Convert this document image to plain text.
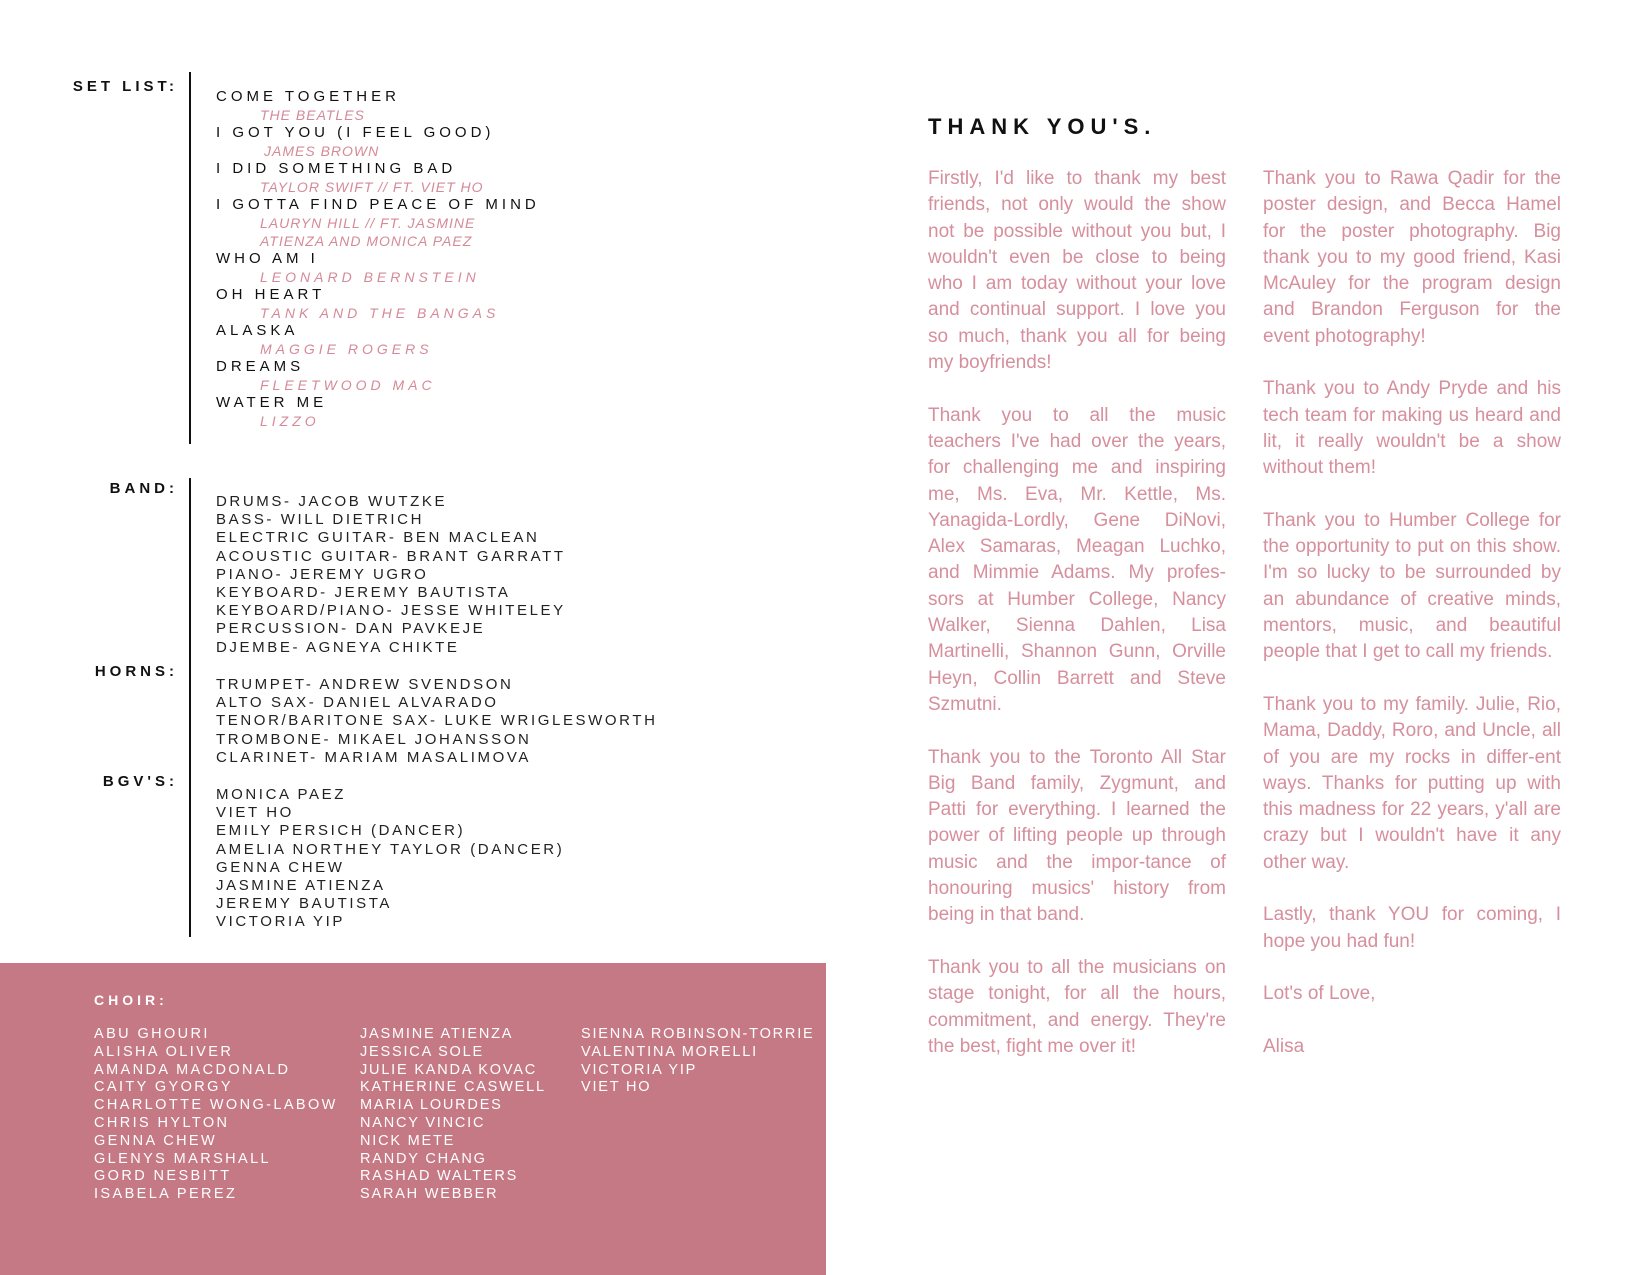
SET LIST:
BAND:
HORNS:
BGV'S:
COME TOGETHER
THE BEATLES
I GOT YOU (I FEEL GOOD)
JAMES BROWN
I DID SOMETHING BAD
TAYLOR SWIFT // FT. VIET HO
I GOTTA FIND PEACE OF MIND
LAURYN HILL // FT. JASMINE
ATIENZA AND MONICA PAEZ
WHO AM I
LEONARD BERNSTEIN
OH HEART
TANK AND THE BANGAS
ALASKA
MAGGIE ROGERS
DREAMS
FLEETWOOD MAC
WATER ME
LIZZO
DRUMS- JACOB WUTZKE
BASS- WILL DIETRICH
ELECTRIC GUITAR- BEN MACLEAN
ACOUSTIC GUITAR- BRANT GARRATT
PIANO- JEREMY UGRO
KEYBOARD- JEREMY BAUTISTA
KEYBOARD/PIANO- JESSE WHITELEY
PERCUSSION- DAN PAVKEJE
DJEMBE- AGNEYA CHIKTE
TRUMPET- ANDREW SVENDSON
ALTO SAX- DANIEL ALVARADO
TENOR/BARITONE SAX- LUKE WRIGLESWORTH
TROMBONE- MIKAEL JOHANSSON
CLARINET- MARIAM MASALIMOVA
MONICA PAEZ
VIET HO
EMILY PERSICH (DANCER)
AMELIA NORTHEY TAYLOR (DANCER)
GENNA CHEW
JASMINE ATIENZA
JEREMY BAUTISTA
VICTORIA YIP
CHOIR:
ABU GHOURI
ALISHA OLIVER
AMANDA MACDONALD
CAITY GYORGY
CHARLOTTE WONG-LABOW
CHRIS HYLTON
GENNA CHEW
GLENYS MARSHALL
GORD NESBITT
ISABELA PEREZ
JASMINE ATIENZA
JESSICA SOLE
JULIE KANDA KOVAC
KATHERINE CASWELL
MARIA LOURDES
NANCY VINCIC
NICK METE
RANDY CHANG
RASHAD WALTERS
SARAH WEBBER
SIENNA ROBINSON-TORRIE
VALENTINA MORELLI
VICTORIA YIP
VIET HO
THANK YOU'S.

Firstly, I'd like to thank my best friends, not only would the show not be possible without you but, I wouldn't even be close to being who I am today without your love and continual support. I love you so much, thank you all for being my boyfriends!

Thank you to all the music teachers I've had over the years, for challenging me and inspiring me, Ms. Eva, Mr. Kettle, Ms. Yanagida-Lordly, Gene DiNovi, Alex Samaras, Meagan Luchko, and Mimmie Adams. My profes-sors at Humber College, Nancy Walker, Sienna Dahlen, Lisa Martinelli, Shannon Gunn, Orville Heyn, Collin Barrett and Steve Szmutni.

Thank you to the Toronto All Star Big Band family, Zygmunt, and Patti for everything. I learned the power of lifting people up through music and the impor-tance of honouring musics' history from being in that band.

Thank you to all the musicians on stage tonight, for all the hours, commitment, and energy. They're the best, fight me over it!

Thank you to Rawa Qadir for the poster design, and Becca Hamel for the poster photography. Big thank you to my good friend, Kasi McAuley for the program design and Brandon Ferguson for the event photography!

Thank you to Andy Pryde and his tech team for making us heard and lit, it really wouldn't be a show without them!

Thank you to Humber College for the opportunity to put on this show. I'm so lucky to be surrounded by an abundance of creative minds, mentors, music, and beautiful people that I get to call my friends.

Thank you to my family. Julie, Rio, Mama, Daddy, Roro, and Uncle, all of you are my rocks in differ-ent ways. Thanks for putting up with this madness for 22 years, y'all are crazy but I wouldn't have it any other way.

Lastly, thank YOU for coming, I hope you had fun!

Lot's of Love,

Alisa
